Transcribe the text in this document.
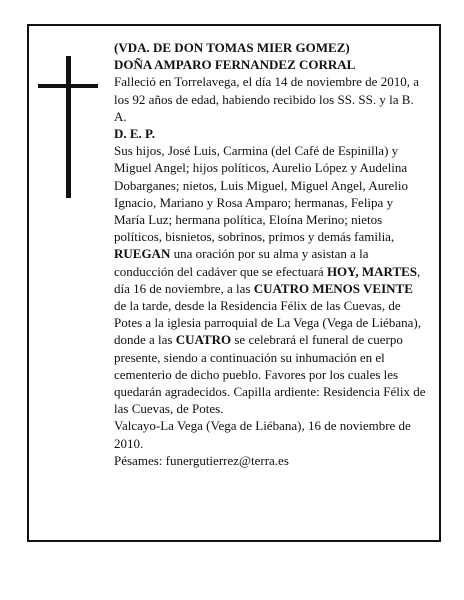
(VDA. DE DON TOMAS MIER GOMEZ)

DOÑA AMPARO FERNANDEZ CORRAL

Falleció en Torrelavega, el día 14 de noviembre de 2010, a los 92 años de edad, habiendo recibido los SS. SS. y la B. A.

D. E. P.

Sus hijos, José Luis, Carmina (del Café de Espinilla) y Miguel Angel; hijos políticos, Aurelio López y Audelina Dobarganes; nietos, Luis Miguel, Miguel Angel, Aurelio Ignacio, Mariano y Rosa Amparo; hermanas, Felipa y María Luz; hermana política, Eloína Merino; nietos políticos, bisnietos, sobrinos, primos y demás familia,

RUEGAN una oración por su alma y asistan a la conducción del cadáver que se efectuará HOY, MARTES, día 16 de noviembre, a las CUATRO MENOS VEINTE de la tarde, desde la Residencia Félix de las Cuevas, de Potes a la iglesia parroquial de La Vega (Vega de Liébana), donde a las CUATRO se celebrará el funeral de cuerpo presente, siendo a continuación su inhumación en el cementerio de dicho pueblo. Favores por los cuales les quedarán agradecidos. Capilla ardiente: Residencia Félix de las Cuevas, de Potes.

Valcayo-La Vega (Vega de Liébana), 16 de noviembre de 2010.

Pésames: funergutierrez@terra.es
